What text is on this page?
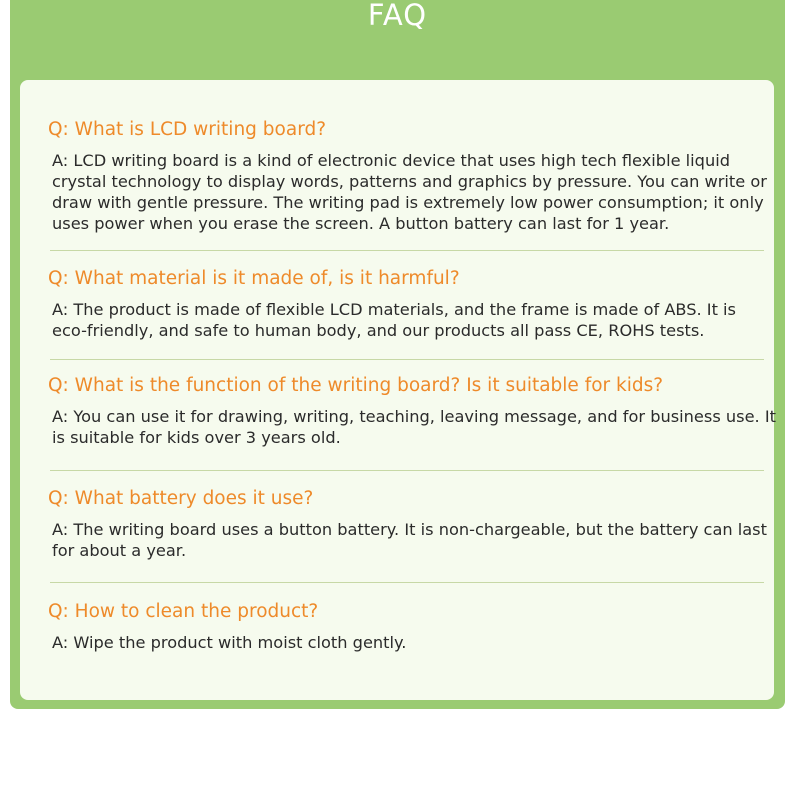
FAQ

Q: What is LCD writing board?

A: LCD writing board is a kind of electronic device that uses high tech flexible liquid crystal technology to display words, patterns and graphics by pressure. You can write or draw with gentle pressure. The writing pad is extremely low power consumption; it only uses power when you erase the screen. A button battery can last for 1 year.

Q: What material is it made of, is it harmful?

A: The product is made of flexible LCD materials, and the frame is made of ABS. It is eco-friendly, and safe to human body, and our products all pass CE, ROHS tests.

Q: What is the function of the writing board? Is it suitable for kids?

A: You can use it for drawing, writing, teaching, leaving message, and for business use. It is suitable for kids over 3 years old.

Q: What battery does it use?

A: The writing board uses a button battery. It is non-chargeable, but the battery can last for about a year.

Q: How to clean the product?

A: Wipe the product with moist cloth gently.
